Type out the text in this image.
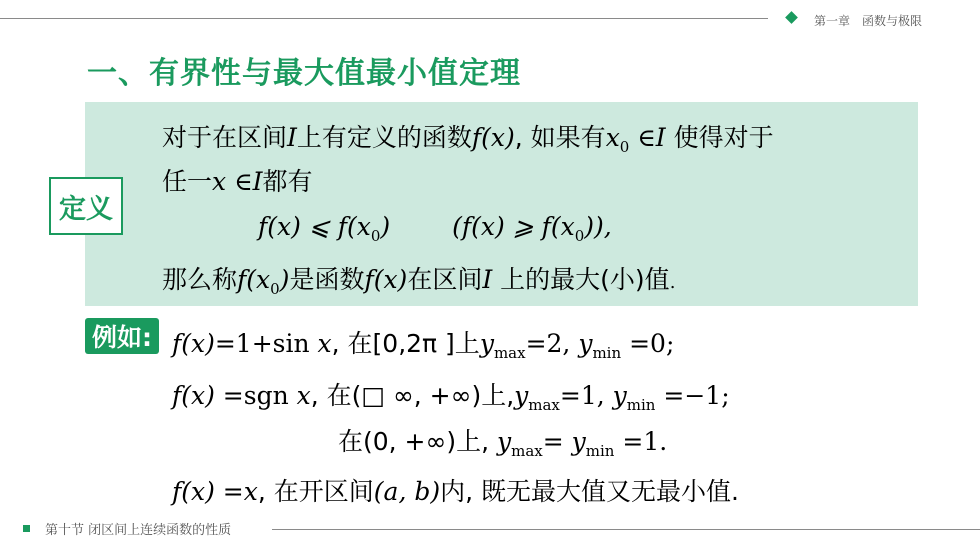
第一章 函数与极限
一、有界性与最大值最小值定理
定义
对于在区间I上有定义的函数f(x), 如果有$x_0$ ∈I 使得对于
任一x ∈I都有
f(x) ⩽ $f(x_0)$ (f(x) ⩾ $f(x_0)$),
那么称$f(x_0)$是函数f(x)在区间I 上的最大(小)值.
例如: f(x)=1+sin x, 在[0,2π ]上$y_{max}=2$, $y_{min} =0$;
f(x) =sgn x, 在(□ ∞, +∞)上$,y_{max}=1$, $y_{min} =-1$;
在(0, +∞)上, $y_{max}= y_{min} =1$.
f(x) =x, 在开区间(a, b)内, 既无最大值又无最小值.
第十节 闭区间上连续函数的性质
